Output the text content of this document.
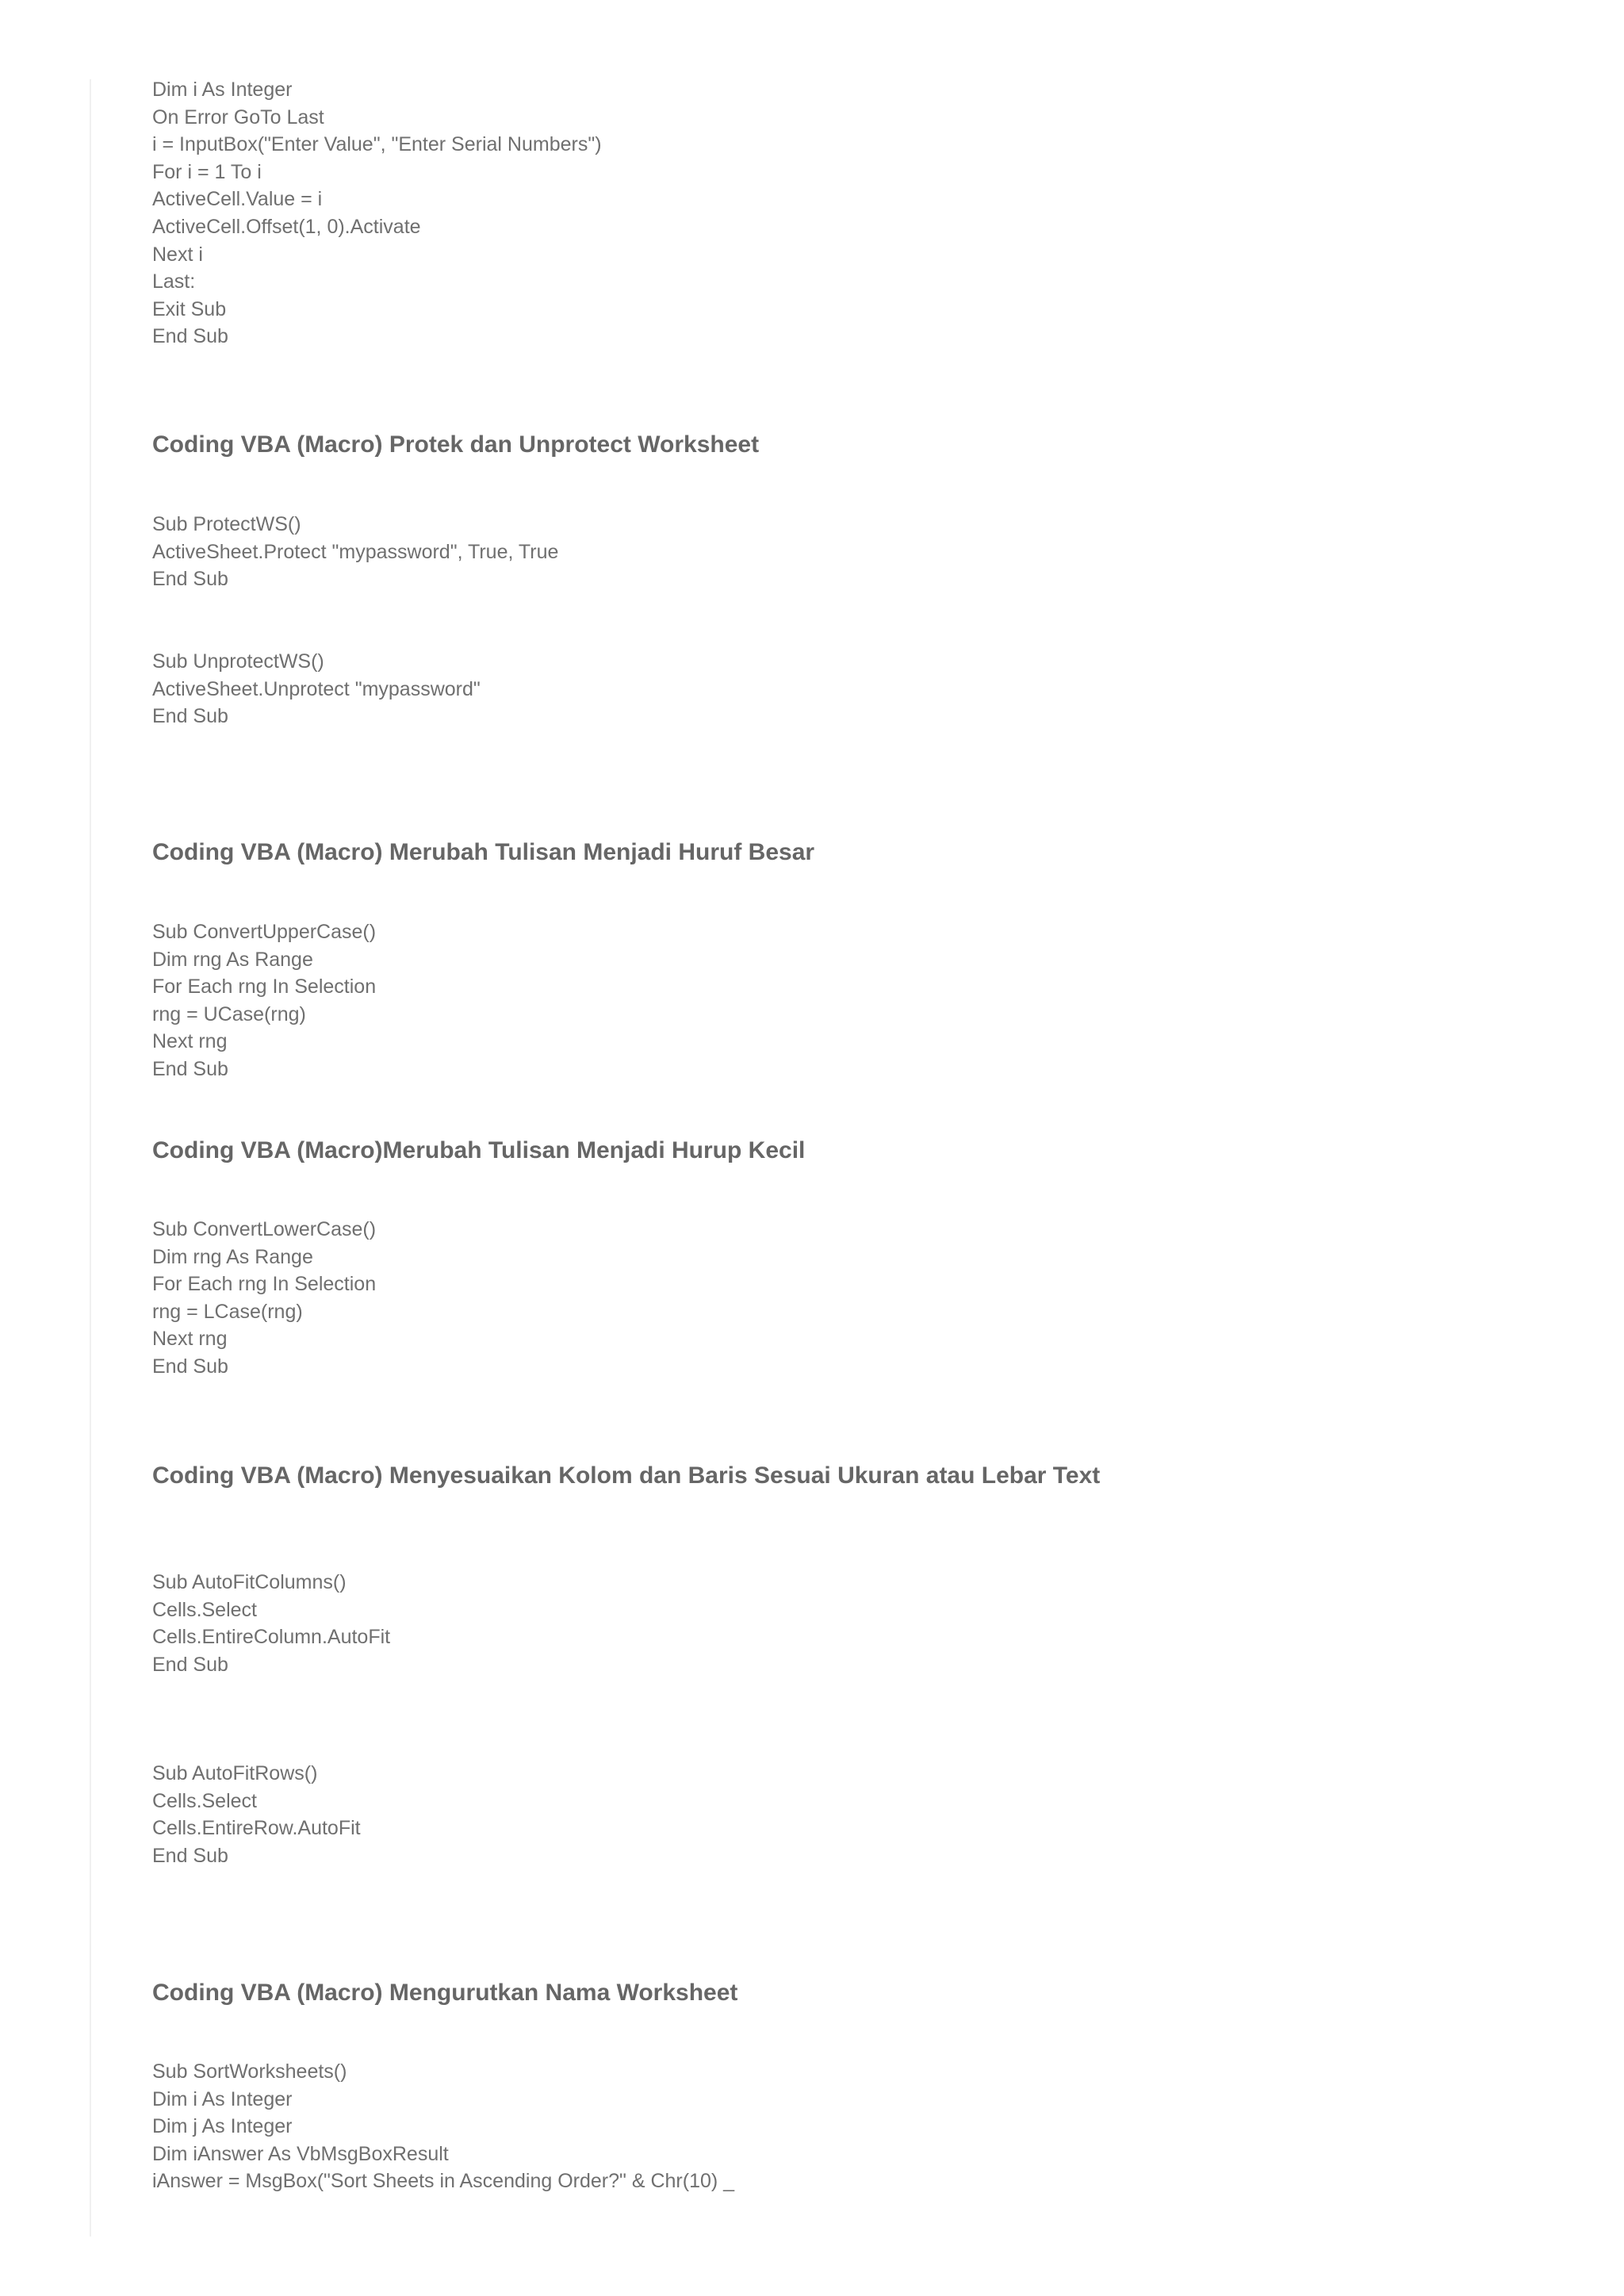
Dim i As Integer
On Error GoTo Last
i = InputBox("Enter Value", "Enter Serial Numbers")
For i = 1 To i
ActiveCell.Value = i
ActiveCell.Offset(1, 0).Activate
Next i
Last:
Exit Sub
End Sub
Coding VBA (Macro) Protek dan Unprotect Worksheet
Sub ProtectWS()
ActiveSheet.Protect "mypassword", True, True
End Sub
Sub UnprotectWS()
ActiveSheet.Unprotect "mypassword"
End Sub
Coding VBA (Macro) Merubah Tulisan Menjadi Huruf Besar
Sub ConvertUpperCase()
Dim rng As Range
For Each rng In Selection
rng = UCase(rng)
Next rng
End Sub
Coding VBA (Macro)Merubah Tulisan Menjadi Hurup Kecil
Sub ConvertLowerCase()
Dim rng As Range
For Each rng In Selection
rng = LCase(rng)
Next rng
End Sub
Coding VBA (Macro) Menyesuaikan Kolom dan Baris Sesuai Ukuran atau Lebar Text
Sub AutoFitColumns()
Cells.Select
Cells.EntireColumn.AutoFit
End Sub
Sub AutoFitRows()
Cells.Select
Cells.EntireRow.AutoFit
End Sub
Coding VBA (Macro) Mengurutkan Nama Worksheet
Sub SortWorksheets()
Dim i As Integer
Dim j As Integer
Dim iAnswer As VbMsgBoxResult
iAnswer = MsgBox("Sort Sheets in Ascending Order?" & Chr(10) _
